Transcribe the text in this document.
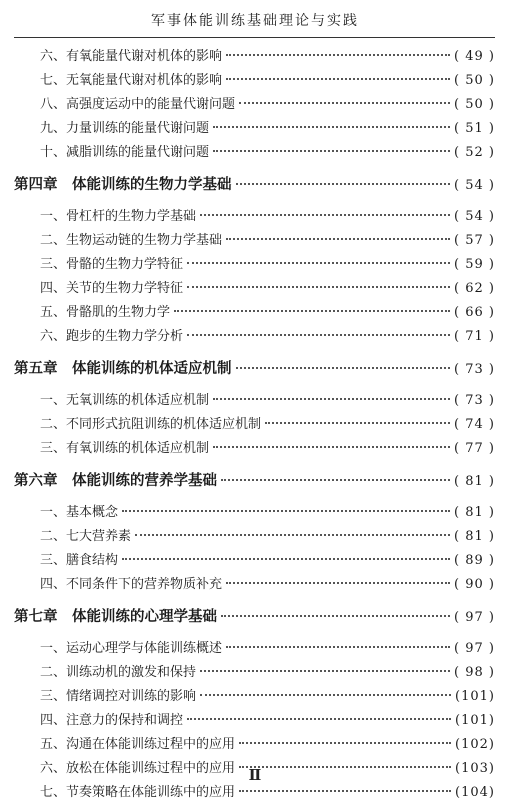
军事体能训练基础理论与实践
六、有氧能量代谢对机体的影响	( 49 )
七、无氧能量代谢对机体的影响	( 50 )
八、高强度运动中的能量代谢问题	( 50 )
九、力量训练的能量代谢问题	( 51 )
十、减脂训练的能量代谢问题	( 52 )
第四章　体能训练的生物力学基础	( 54 )
一、骨杠杆的生物力学基础	( 54 )
二、生物运动链的生物力学基础	( 57 )
三、骨骼的生物力学特征	( 59 )
四、关节的生物力学特征	( 62 )
五、骨骼肌的生物力学	( 66 )
六、跑步的生物力学分析	( 71 )
第五章　体能训练的机体适应机制	( 73 )
一、无氧训练的机体适应机制	( 73 )
二、不同形式抗阻训练的机体适应机制	( 74 )
三、有氧训练的机体适应机制	( 77 )
第六章　体能训练的营养学基础	( 81 )
一、基本概念	( 81 )
二、七大营养素	( 81 )
三、膳食结构	( 89 )
四、不同条件下的营养物质补充	( 90 )
第七章　体能训练的心理学基础	( 97 )
一、运动心理学与体能训练概述	( 97 )
二、训练动机的激发和保持	( 98 )
三、情绪调控对训练的影响	(101)
四、注意力的保持和调控	(101)
五、沟通在体能训练过程中的应用	(102)
六、放松在体能训练过程中的应用	(103)
七、节奏策略在体能训练中的应用	(104)
Ⅱ
